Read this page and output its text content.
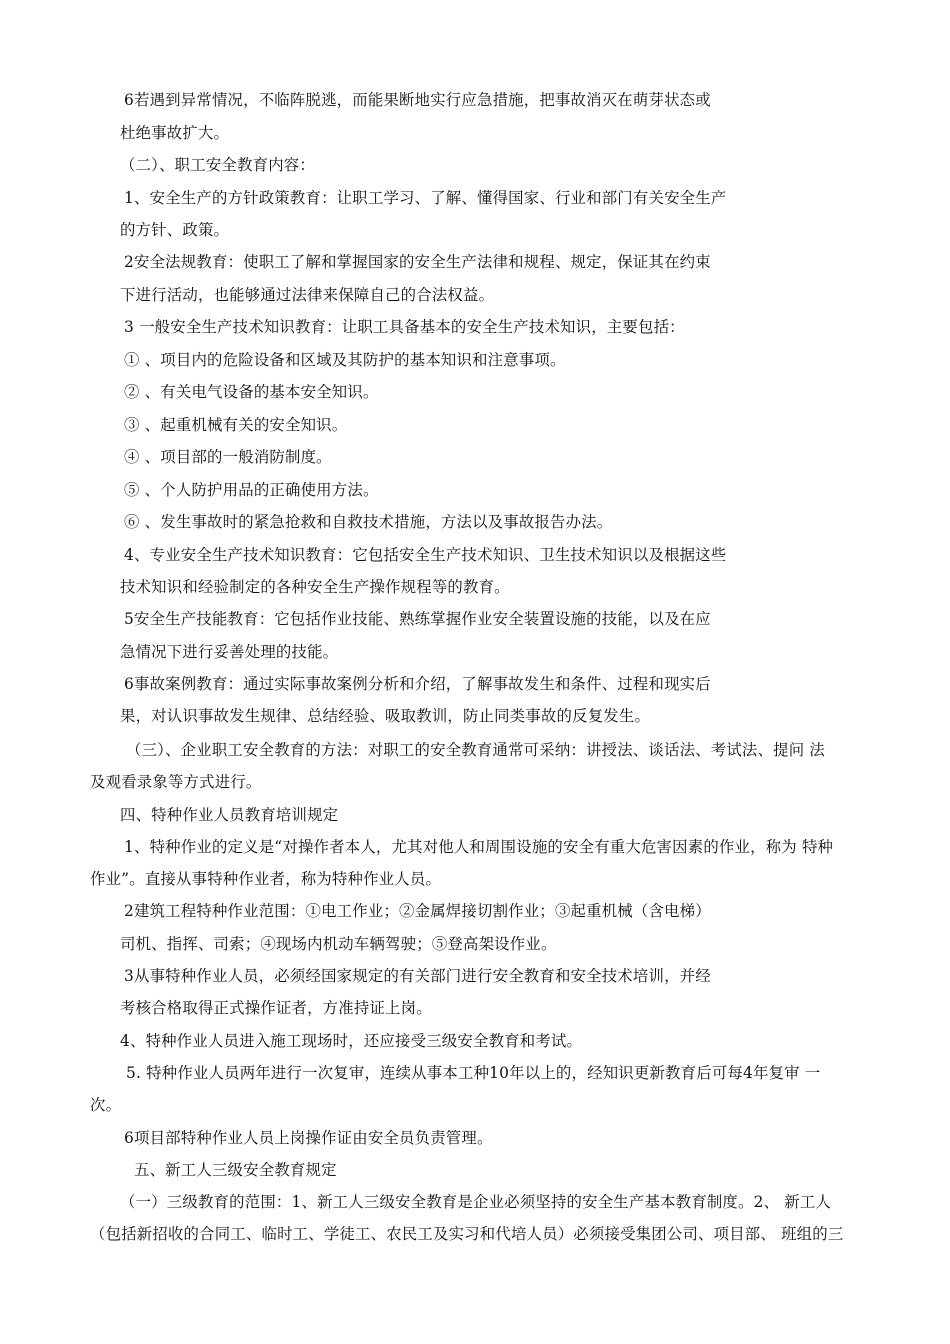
6若遇到异常情况，不临阵脱逃，而能果断地实行应急措施，把事故消灭在萌芽状态或
杜绝事故扩大。
（二）、职工安全教育内容：
1、安全生产的方针政策教育：让职工学习、了解、懂得国家、行业和部门有关安全生产
的方针、政策。
2安全法规教育：使职工了解和掌握国家的安全生产法律和规程、规定，保证其在约束
下进行活动，也能够通过法律来保障自己的合法权益。
3 一般安全生产技术知识教育：让职工具备基本的安全生产技术知识，主要包括：
① 、项目内的危险设备和区域及其防护的基本知识和注意事项。
② 、有关电气设备的基本安全知识。
③ 、起重机械有关的安全知识。
④ 、项目部的一般消防制度。
⑤ 、个人防护用品的正确使用方法。
⑥ 、发生事故时的紧急抢救和自救技术措施，方法以及事故报告办法。
4、专业安全生产技术知识教育：它包括安全生产技术知识、卫生技术知识以及根据这些
技术知识和经验制定的各种安全生产操作规程等的教育。
5安全生产技能教育：它包括作业技能、熟练掌握作业安全装置设施的技能，以及在应
急情况下进行妥善处理的技能。
6事故案例教育：通过实际事故案例分析和介绍，了解事故发生和条件、过程和现实后
果，对认识事故发生规律、总结经验、吸取教训，防止同类事故的反复发生。
（三）、企业职工安全教育的方法：对职工的安全教育通常可采纳：讲授法、谈话法、考试法、提问 法
及观看录象等方式进行。
四、特种作业人员教育培训规定
1、特种作业的定义是“对操作者本人，尤其对他人和周围设施的安全有重大危害因素的作业，称为 特种
作业”。直接从事特种作业者，称为特种作业人员。
2建筑工程特种作业范围：①电工作业；②金属焊接切割作业；③起重机械（含电梯）
司机、指挥、司索；④现场内机动车辆驾驶；⑤登高架设作业。
3从事特种作业人员，必须经国家规定的有关部门进行安全教育和安全技术培训，并经
考核合格取得正式操作证者，方准持证上岗。
4、特种作业人员进入施工现场时，还应接受三级安全教育和考试。
5. 特种作业人员两年进行一次复审，连续从事本工种10年以上的，经知识更新教育后可每4年复审 一
次。
6项目部特种作业人员上岗操作证由安全员负责管理。
五、新工人三级安全教育规定
（一）三级教育的范围：1、新工人三级安全教育是企业必须坚持的安全生产基本教育制度。2、 新工人
（包括新招收的合同工、临时工、学徒工、农民工及实习和代培人员）必须接受集团公司、项目部、 班组的三
